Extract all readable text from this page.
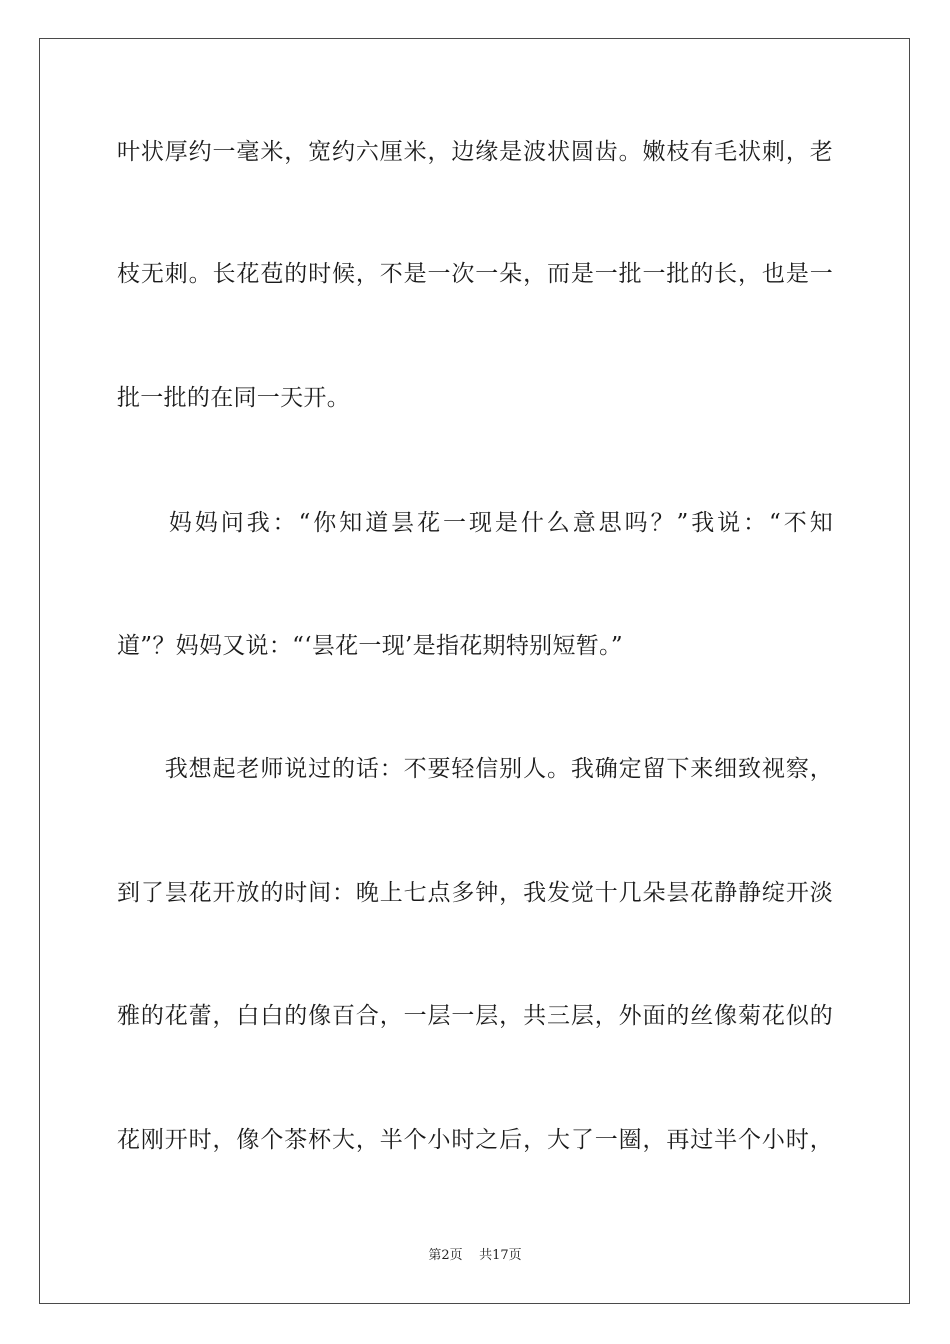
叶状厚约一毫米，宽约六厘米，边缘是波状圆齿。嫩枝有毛状刺，老
枝无刺。长花苞的时候，不是一次一朵，而是一批一批的长，也是一
批一批的在同一天开。
　　妈妈问我：“你知道昙花一现是什么意思吗？”我说：“不知
道”？妈妈又说：“‘昙花一现’是指花期特别短暂。”
　　我想起老师说过的话：不要轻信别人。我确定留下来细致视察，
到了昙花开放的时间：晚上七点多钟，我发觉十几朵昙花静静绽开淡
雅的花蕾，白白的像百合，一层一层，共三层，外面的丝像菊花似的
花刚开时，像个茶杯大，半个小时之后，大了一圈，再过半个小时，
第2页 共17页
